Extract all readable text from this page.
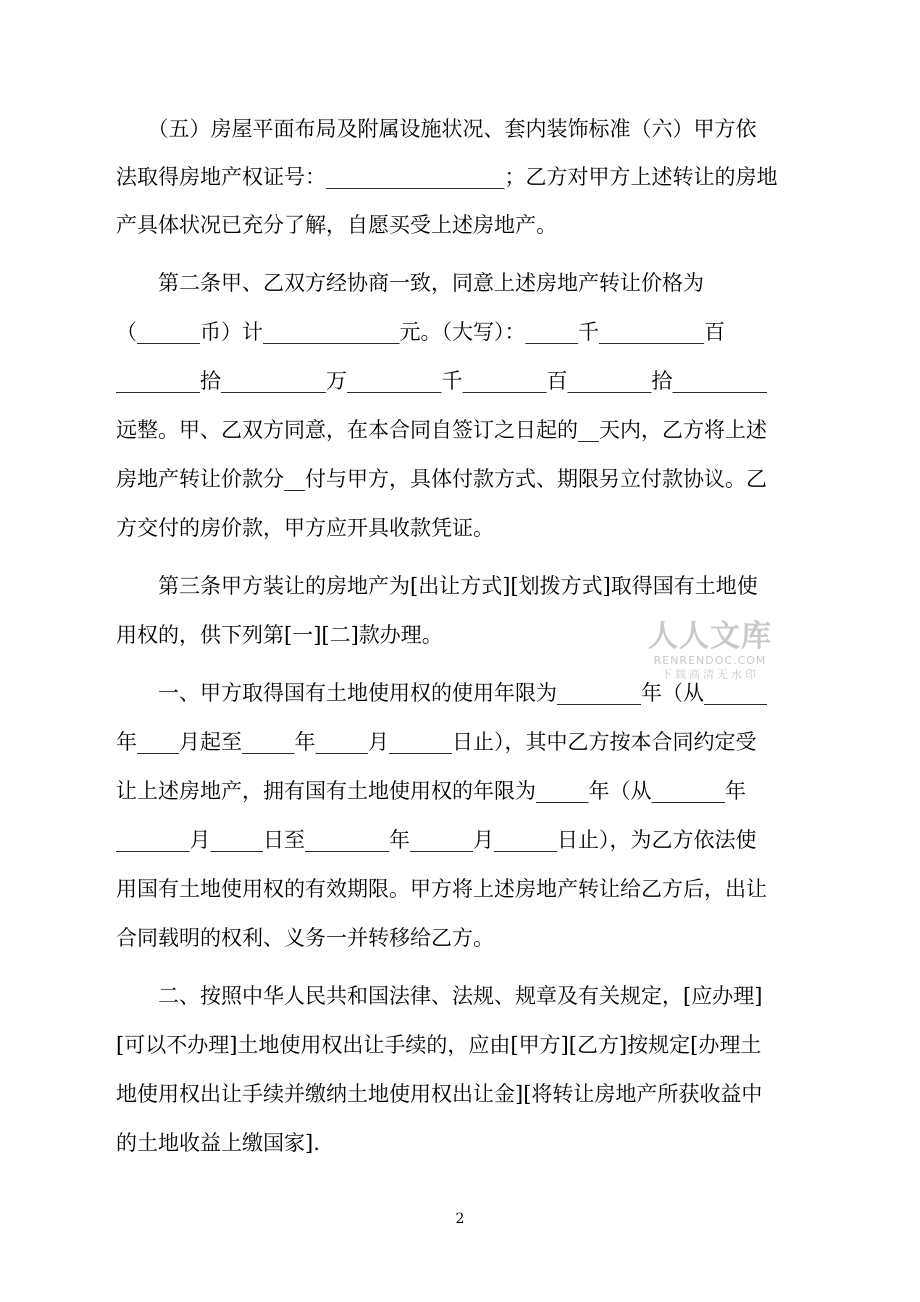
　　（五）房屋平面布局及附属设施状况、套内装饰标准（六）甲方依
法取得房地产权证号：_________________；乙方对甲方上述转让的房地
产具体状况已充分了解，自愿买受上述房地产。
　　第二条甲、乙双方经协商一致，同意上述房地产转让价格为
（______币）计_____________元。（大写）：_____千__________百
________拾__________万_________千________百________拾_________
远整。甲、乙双方同意，在本合同自签订之日起的__天内，乙方将上述
房地产转让价款分__付与甲方，具体付款方式、期限另立付款协议。乙
方交付的房价款，甲方应开具收款凭证。
　　第三条甲方装让的房地产为[出让方式][划拨方式]取得国有土地使
用权的，供下列第[一][二]款办理。
　　一、甲方取得国有土地使用权的使用年限为________年（从______
年____月起至_____年_____月______日止），其中乙方按本合同约定受
让上述房地产，拥有国有土地使用权的年限为_____年（从_______年
_______月_____日至________年______月______日止），为乙方依法使
用国有土地使用权的有效期限。甲方将上述房地产转让给乙方后，出让
合同载明的权利、义务一并转移给乙方。
　　二、按照中华人民共和国法律、法规、规章及有关规定，[应办理]
[可以不办理]土地使用权出让手续的，应由[甲方][乙方]按规定[办理土
地使用权出让手续并缴纳土地使用权出让金][将转让房地产所获收益中
的土地收益上缴国家].
人人文库
RENRENDOC.COM
下载高清无水印
2
